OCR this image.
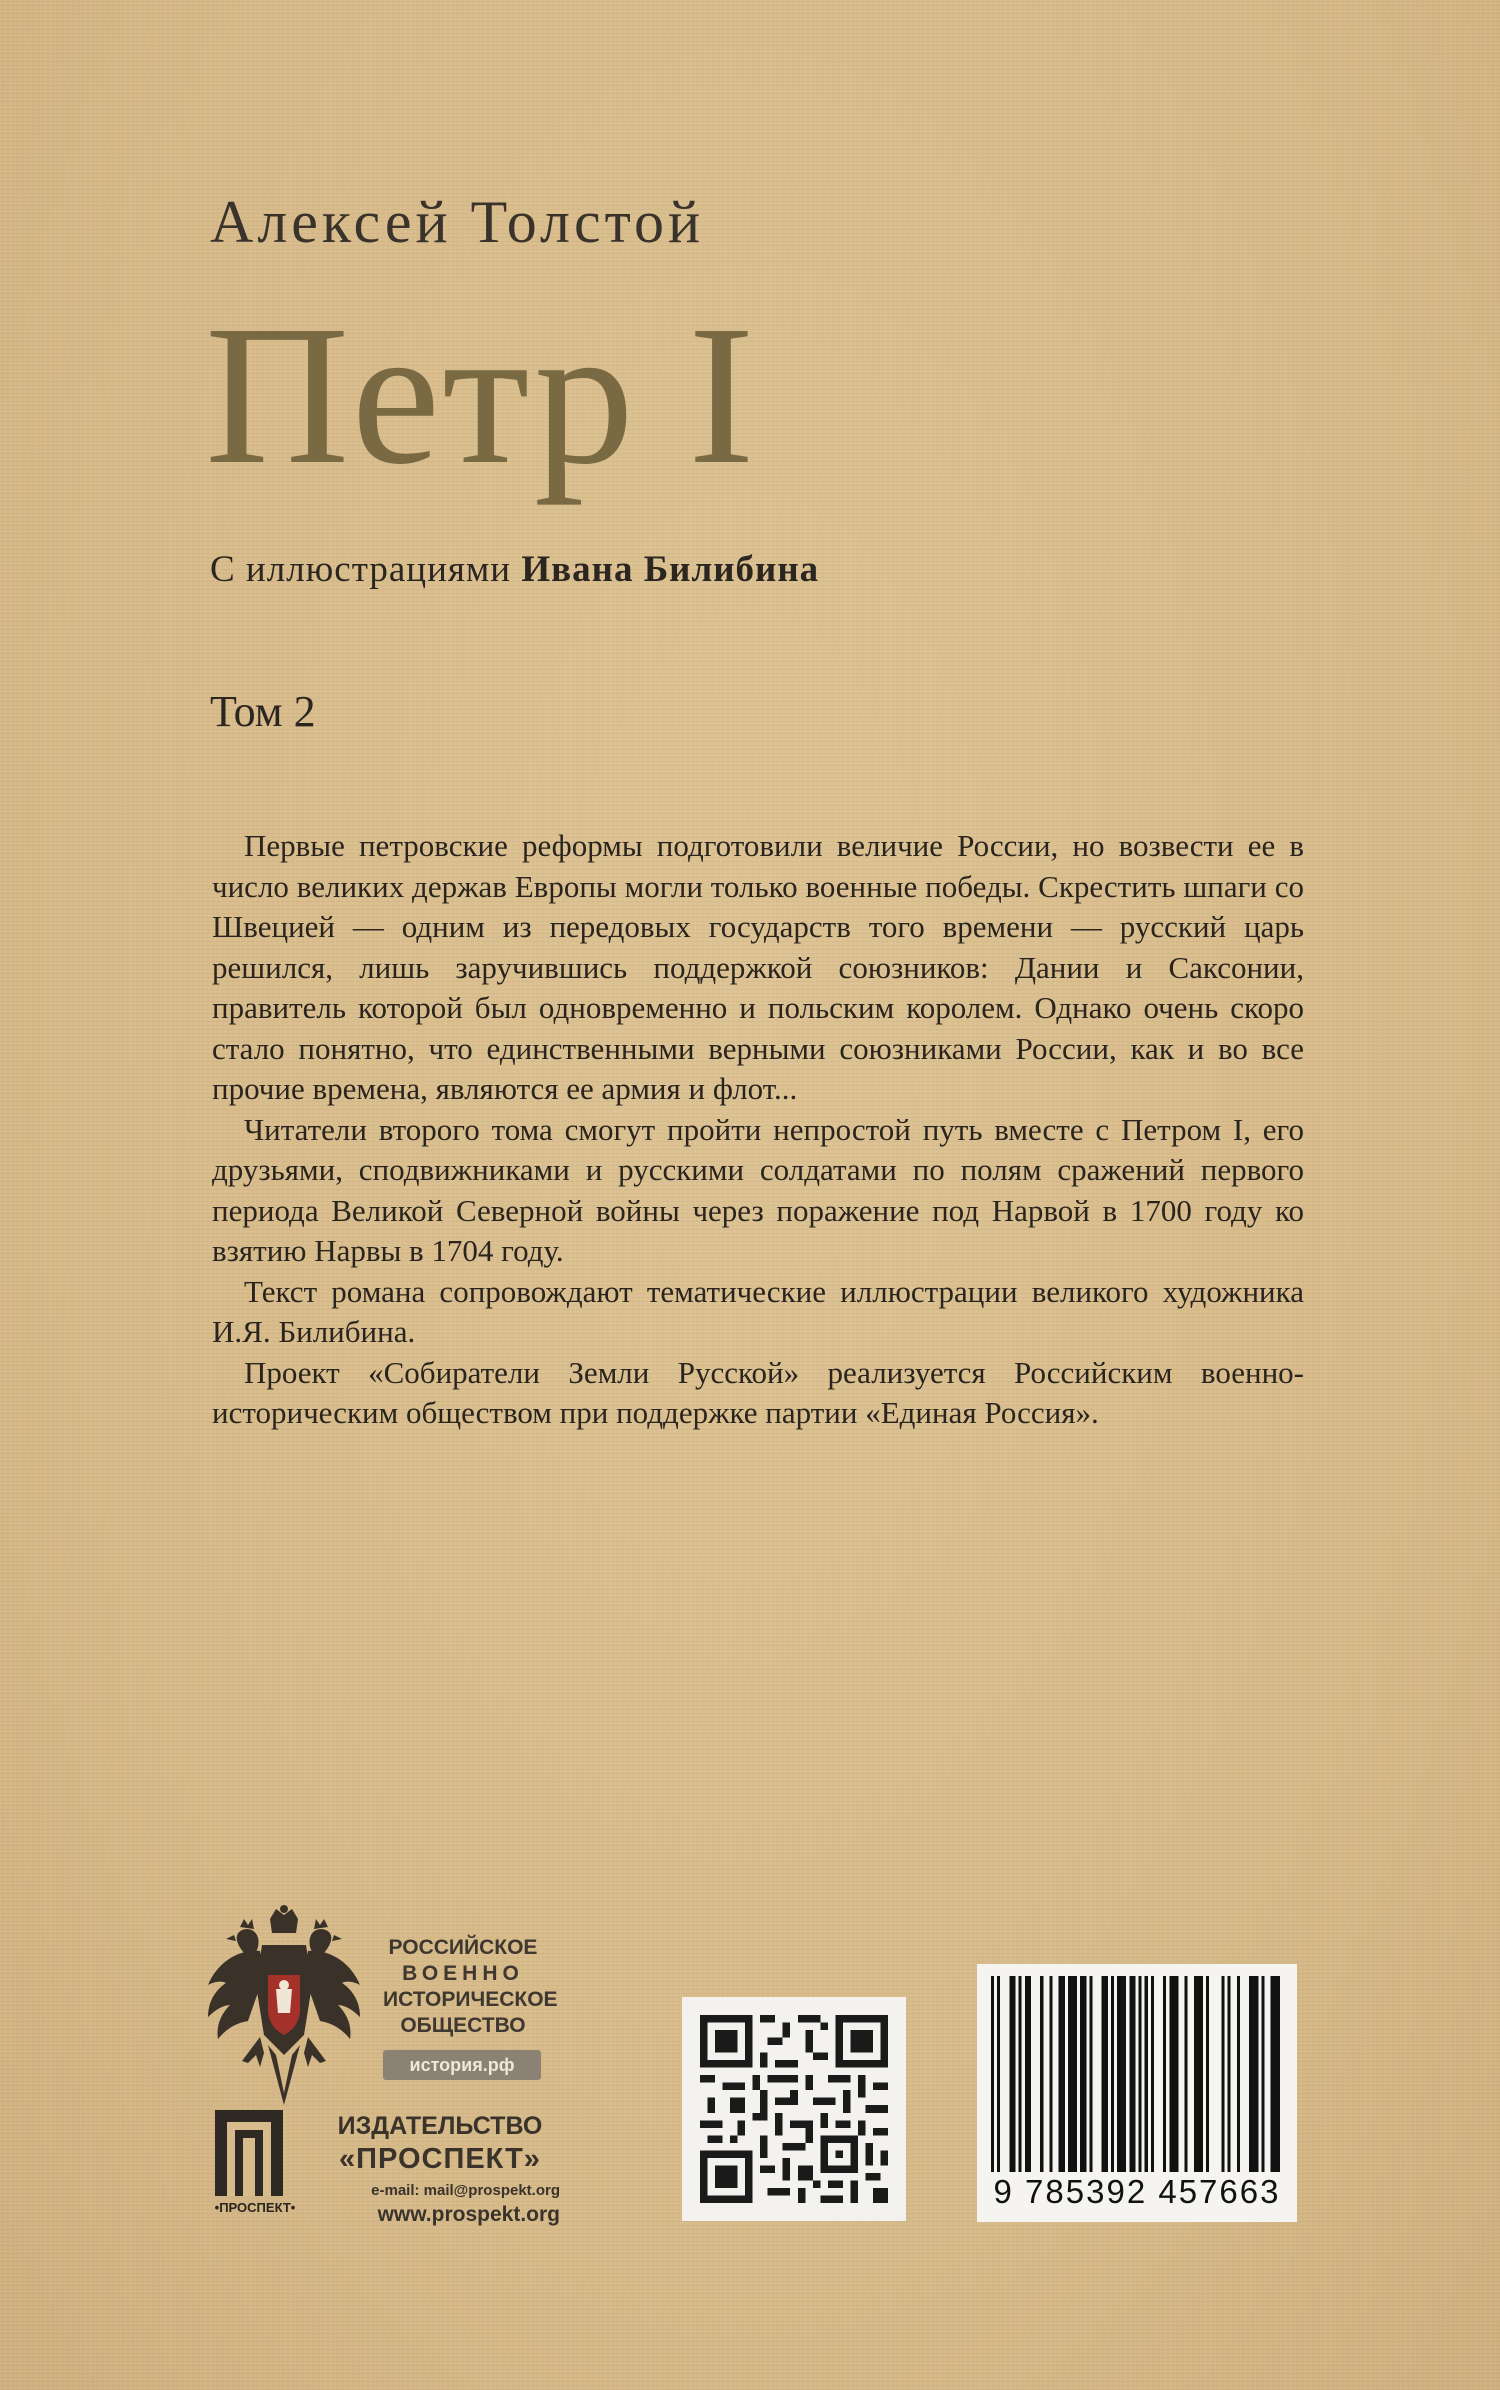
Алексей Толстой
Петр I
С иллюстрациями Ивана Билибина
Том 2

Первые петровские реформы подготовили величие России, но возвести ее в число великих держав Европы могли только военные победы. Скрестить шпаги со Швецией — одним из передовых государств того времени — русский царь решился, лишь заручившись поддержкой союзников: Дании и Саксонии, правитель которой был одновременно и польским королем. Однако очень скоро стало понятно, что единственными верными союзниками России, как и во все прочие времена, являются ее армия и флот...

Читатели второго тома смогут пройти непростой путь вместе с Петром I, его друзьями, сподвижниками и русскими солдатами по полям сражений первого периода Великой Северной войны через поражение под Нарвой в 1700 году ко взятию Нарвы в 1704 году.

Текст романа сопровождают тематические иллюстрации великого художника И.Я. Билибина.

Проект «Собиратели Земли Русской» реализуется Российским военно-историческим обществом при поддержке партии «Единая Россия».

РОССИЙСКОЕ
ВОЕННО
ИСТОРИЧЕСКОЕ
ОБЩЕСТВО
история.рф
•ПРОСПЕКТ•
ИЗДАТЕЛЬСТВО
«ПРОСПЕКТ»
e-mail: mail@prospekt.org
www.prospekt.org
9 785392 457663
